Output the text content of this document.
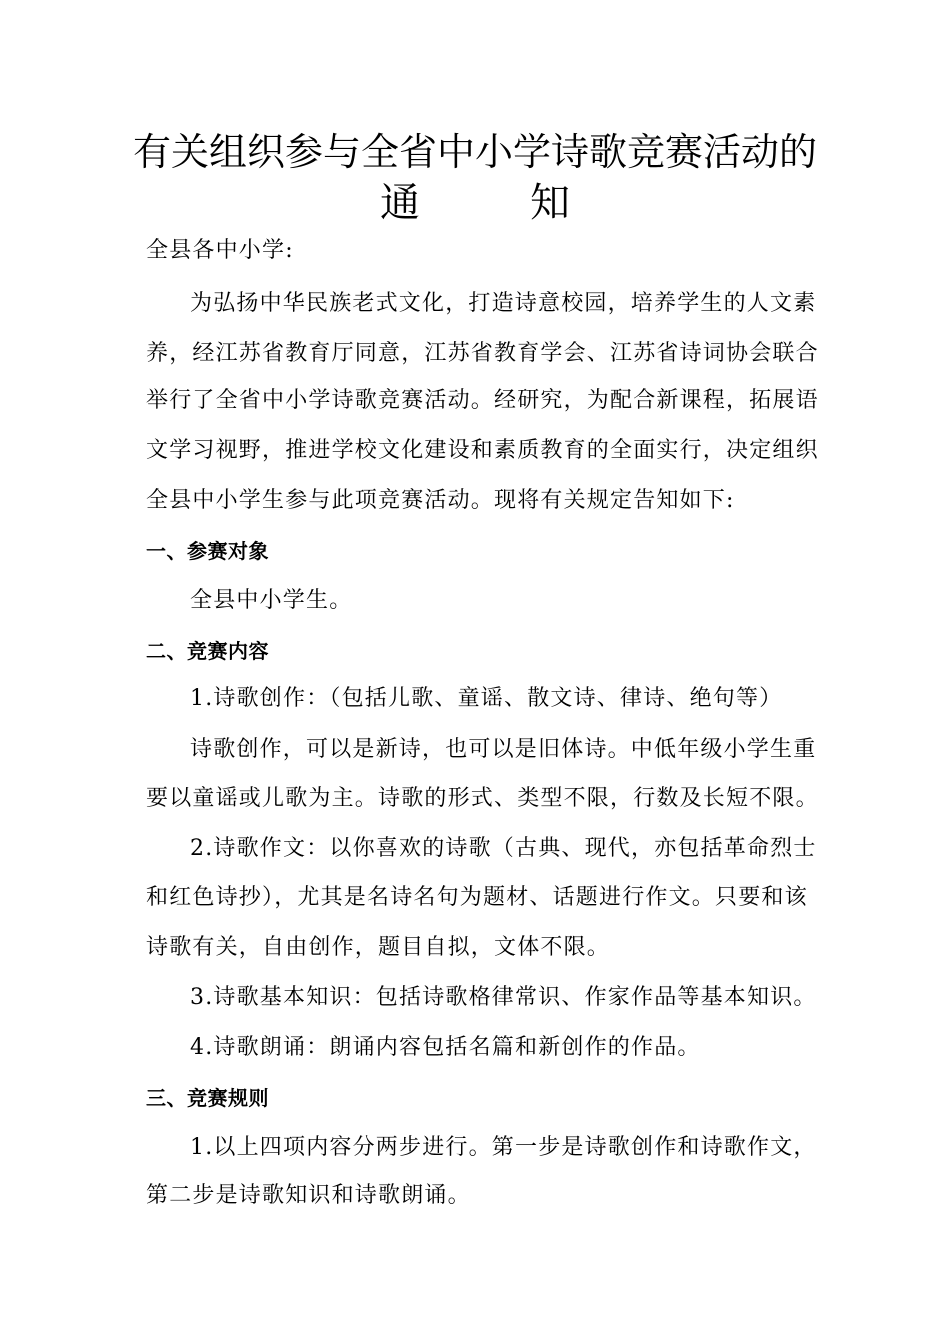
有关组织参与全省中小学诗歌竞赛活动的
通	知
全县各中小学:
为弘扬中华民族老式文化，打造诗意校园，培养学生的人文素
养，经江苏省教育厅同意，江苏省教育学会、江苏省诗词协会联合
举行了全省中小学诗歌竞赛活动。经研究，为配合新课程，拓展语
文学习视野，推进学校文化建设和素质教育的全面实行，决定组织
全县中小学生参与此项竞赛活动。现将有关规定告知如下:
一、参赛对象
全县中小学生。
二、竞赛内容
1.诗歌创作：（包括儿歌、童谣、散文诗、律诗、绝句等）
诗歌创作，可以是新诗，也可以是旧体诗。中低年级小学生重
要以童谣或儿歌为主。诗歌的形式、类型不限，行数及长短不限。
2.诗歌作文：以你喜欢的诗歌（古典、现代，亦包括革命烈士
和红色诗抄），尤其是名诗名句为题材、话题进行作文。只要和该
诗歌有关，自由创作，题目自拟，文体不限。
3.诗歌基本知识：包括诗歌格律常识、作家作品等基本知识。
4.诗歌朗诵：朗诵内容包括名篇和新创作的作品。
三、竞赛规则
1.以上四项内容分两步进行。第一步是诗歌创作和诗歌作文，
第二步是诗歌知识和诗歌朗诵。
